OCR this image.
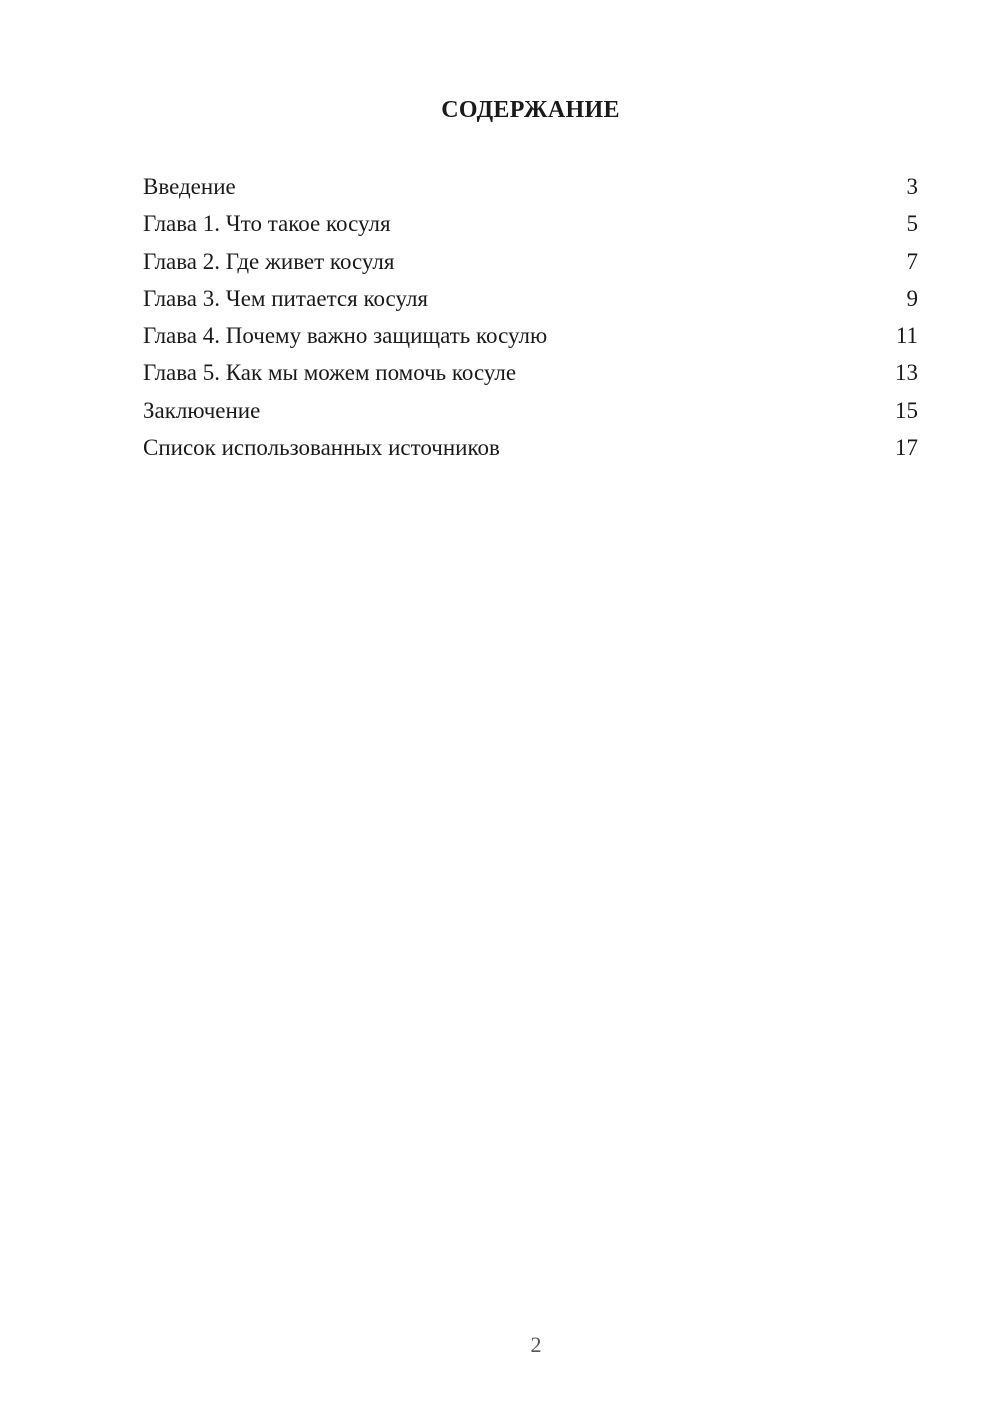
СОДЕРЖАНИЕ
Введение	3
Глава 1. Что такое косуля	5
Глава 2. Где живет косуля	7
Глава 3. Чем питается косуля	9
Глава 4. Почему важно защищать косулю	11
Глава 5. Как мы можем помочь косуле	13
Заключение	15
Список использованных источников	17
2
